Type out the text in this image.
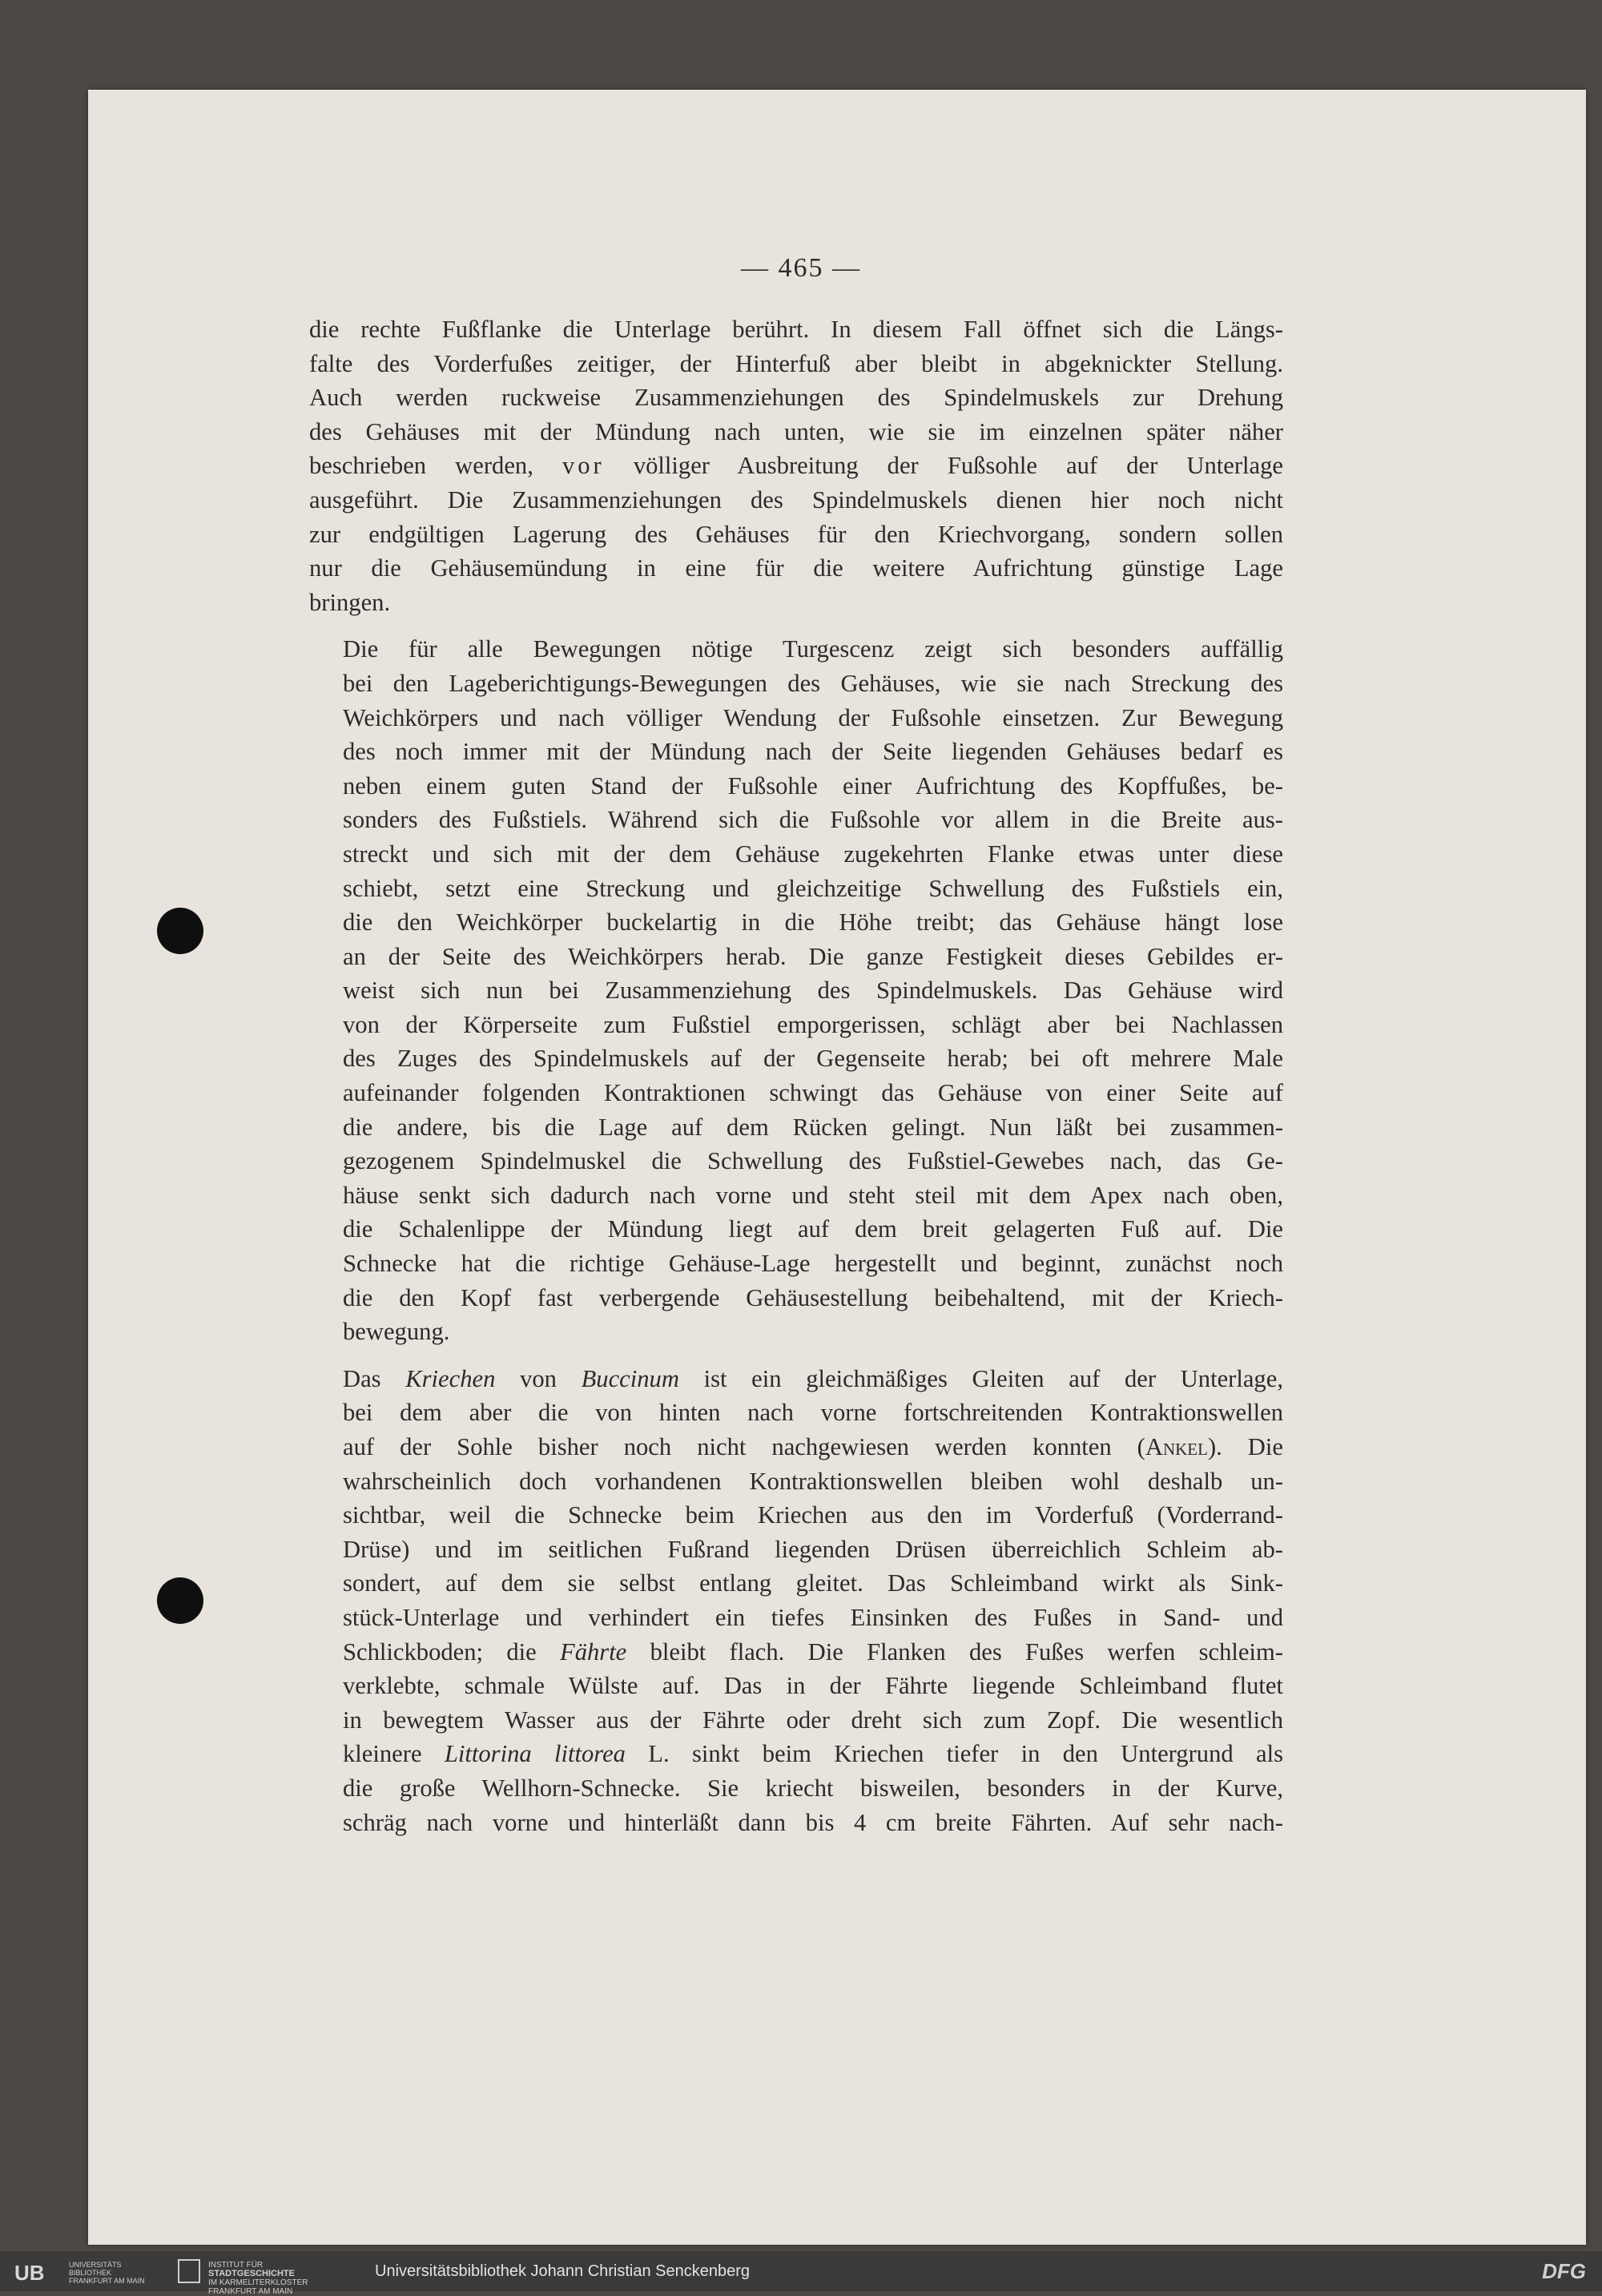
— 465 —

die rechte Fußflanke die Unterlage berührt. In diesem Fall öffnet sich die Längs-
falte des Vorderfußes zeitiger, der Hinterfuß aber bleibt in abgeknickter Stellung.
Auch werden ruckweise Zusammenziehungen des Spindelmuskels zur Drehung
des Gehäuses mit der Mündung nach unten, wie sie im einzelnen später näher
beschrieben werden, vor völliger Ausbreitung der Fußsohle auf der Unterlage
ausgeführt. Die Zusammenziehungen des Spindelmuskels dienen hier noch nicht
zur endgültigen Lagerung des Gehäuses für den Kriechvorgang, sondern sollen
nur die Gehäusemündung in eine für die weitere Aufrichtung günstige Lage
bringen.

Die für alle Bewegungen nötige Turgescenz zeigt sich besonders auffällig
bei den Lageberichtigungs-Bewegungen des Gehäuses, wie sie nach Streckung des
Weichkörpers und nach völliger Wendung der Fußsohle einsetzen. Zur Bewegung
des noch immer mit der Mündung nach der Seite liegenden Gehäuses bedarf es
neben einem guten Stand der Fußsohle einer Aufrichtung des Kopffußes, be-
sonders des Fußstiels. Während sich die Fußsohle vor allem in die Breite aus-
streckt und sich mit der dem Gehäuse zugekehrten Flanke etwas unter diese
schiebt, setzt eine Streckung und gleichzeitige Schwellung des Fußstiels ein,
die den Weichkörper buckelartig in die Höhe treibt; das Gehäuse hängt lose
an der Seite des Weichkörpers herab. Die ganze Festigkeit dieses Gebildes er-
weist sich nun bei Zusammenziehung des Spindelmuskels. Das Gehäuse wird
von der Körperseite zum Fußstiel emporgerissen, schlägt aber bei Nachlassen
des Zuges des Spindelmuskels auf der Gegenseite herab; bei oft mehrere Male
aufeinander folgenden Kontraktionen schwingt das Gehäuse von einer Seite auf
die andere, bis die Lage auf dem Rücken gelingt. Nun läßt bei zusammen-
gezogenem Spindelmuskel die Schwellung des Fußstiel-Gewebes nach, das Ge-
häuse senkt sich dadurch nach vorne und steht steil mit dem Apex nach oben,
die Schalenlippe der Mündung liegt auf dem breit gelagerten Fuß auf. Die
Schnecke hat die richtige Gehäuse-Lage hergestellt und beginnt, zunächst noch
die den Kopf fast verbergende Gehäusestellung beibehaltend, mit der Kriech-
bewegung.

Das Kriechen von Buccinum ist ein gleichmäßiges Gleiten auf der Unterlage,
bei dem aber die von hinten nach vorne fortschreitenden Kontraktionswellen
auf der Sohle bisher noch nicht nachgewiesen werden konnten (Ankel). Die
wahrscheinlich doch vorhandenen Kontraktionswellen bleiben wohl deshalb un-
sichtbar, weil die Schnecke beim Kriechen aus den im Vorderfuß (Vorderrand-
Drüse) und im seitlichen Fußrand liegenden Drüsen überreichlich Schleim ab-
sondert, auf dem sie selbst entlang gleitet. Das Schleimband wirkt als Sink-
stück-Unterlage und verhindert ein tiefes Einsinken des Fußes in Sand- und
Schlickboden; die Fährte bleibt flach. Die Flanken des Fußes werfen schleim-
verklebte, schmale Wülste auf. Das in der Fährte liegende Schleimband flutet
in bewegtem Wasser aus der Fährte oder dreht sich zum Zopf. Die wesentlich
kleinere Littorina littorea L. sinkt beim Kriechen tiefer in den Untergrund als
die große Wellhorn-Schnecke. Sie kriecht bisweilen, besonders in der Kurve,
schräg nach vorne und hinterläßt dann bis 4 cm breite Fährten. Auf sehr nach-

UB	UNIVERSITÄTS
BIBLIOTHEK
FRANKFURT AM MAIN
INSTITUT FÜR
STADTGESCHICHTE
IM KARMELITERKLOSTER
FRANKFURT AM MAIN
Universitätsbibliothek Johann Christian Senckenberg	DFG
